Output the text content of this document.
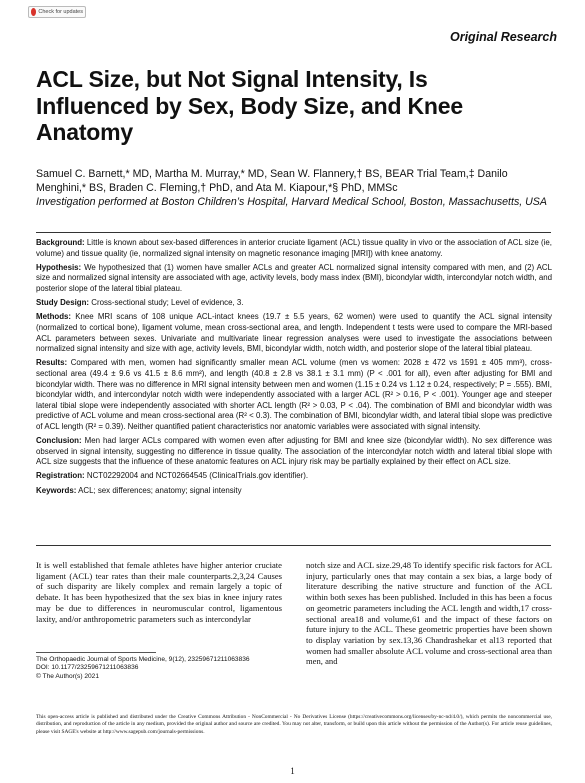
Check for updates
Original Research
ACL Size, but Not Signal Intensity, Is Influenced by Sex, Body Size, and Knee Anatomy
Samuel C. Barnett,* MD, Martha M. Murray,* MD, Sean W. Flannery,† BS, BEAR Trial Team,‡ Danilo Menghini,* BS, Braden C. Fleming,† PhD, and Ata M. Kiapour,*§ PhD, MMSc
Investigation performed at Boston Children’s Hospital, Harvard Medical School, Boston, Massachusetts, USA

Background: Little is known about sex-based differences in anterior cruciate ligament (ACL) tissue quality in vivo or the association of ACL size (ie, volume) and tissue quality (ie, normalized signal intensity on magnetic resonance imaging [MRI]) with knee anatomy.

Hypothesis: We hypothesized that (1) women have smaller ACLs and greater ACL normalized signal intensity compared with men, and (2) ACL size and normalized signal intensity are associated with age, activity levels, body mass index (BMI), bicondylar width, intercondylar notch width, and posterior slope of the lateral tibial plateau.

Study Design: Cross-sectional study; Level of evidence, 3.

Methods: Knee MRI scans of 108 unique ACL-intact knees (19.7 ± 5.5 years, 62 women) were used to quantify the ACL signal intensity (normalized to cortical bone), ligament volume, mean cross-sectional area, and length. Independent t tests were used to compare the MRI-based ACL parameters between sexes. Univariate and multivariate linear regression analyses were used to investigate the associations between normalized signal intensity and size with age, activity levels, BMI, bicondylar width, notch width, and posterior slope of the lateral tibial plateau.

Results: Compared with men, women had significantly smaller mean ACL volume (men vs women: 2028 ± 472 vs 1591 ± 405 mm³), cross-sectional area (49.4 ± 9.6 vs 41.5 ± 8.6 mm²), and length (40.8 ± 2.8 vs 38.1 ± 3.1 mm) (P < .001 for all), even after adjusting for BMI and bicondylar width. There was no difference in MRI signal intensity between men and women (1.15 ± 0.24 vs 1.12 ± 0.24, respectively; P = .555). BMI, bicondylar width, and intercondylar notch width were independently associated with a larger ACL (R² > 0.16, P < .001). Younger age and steeper lateral tibial slope were independently associated with shorter ACL length (R² > 0.03, P < .04). The combination of BMI and bicondylar width was predictive of ACL volume and mean cross-sectional area (R² < 0.3). The combination of BMI, bicondylar width, and lateral tibial slope was predictive of ACL length (R² = 0.39). Neither quantified patient characteristics nor anatomic variables were associated with signal intensity.

Conclusion: Men had larger ACLs compared with women even after adjusting for BMI and knee size (bicondylar width). No sex difference was observed in signal intensity, suggesting no difference in tissue quality. The association of the intercondylar notch width and lateral tibial slope with ACL size suggests that the influence of these anatomic features on ACL injury risk may be partially explained by their effect on ACL size.

Registration: NCT02292004 and NCT02664545 (ClinicalTrials.gov identifier).

Keywords: ACL; sex differences; anatomy; signal intensity

It is well established that female athletes have higher anterior cruciate ligament (ACL) tear rates than their male counterparts.2,3,24 Causes of such disparity are likely complex and remain largely a topic of debate. It has been hypothesized that the sex bias in knee injury rates may be due to differences in neuromuscular control, ligamentous laxity, and/or anthropometric parameters such as intercondylar
notch size and ACL size.29,48 To identify specific risk factors for ACL injury, particularly ones that may contain a sex bias, a large body of literature describing the native structure and function of the ACL within both sexes has been published. Included in this has been a focus on geometric parameters including the ACL length and width,17 cross-sectional area18 and volume,61 and the impact of these factors on future injury to the ACL. These geometric properties have been shown to display variation by sex.13,36 Chandrashekar et al13 reported that women had smaller absolute ACL volume and cross-sectional area than men, and
The Orthopaedic Journal of Sports Medicine, 9(12), 23259671211063836
DOI: 10.1177/23259671211063836
© The Author(s) 2021
This open-access article is published and distributed under the Creative Commons Attribution - NonCommercial - No Derivatives License (https://creativecommons.org/licenses/by-nc-nd/4.0/), which permits the noncommercial use, distribution, and reproduction of the article in any medium, provided the original author and source are credited. You may not alter, transform, or build upon this article without the permission of the Author(s). For article reuse guidelines, please visit SAGE's website at http://www.sagepub.com/journals-permissions.
1
